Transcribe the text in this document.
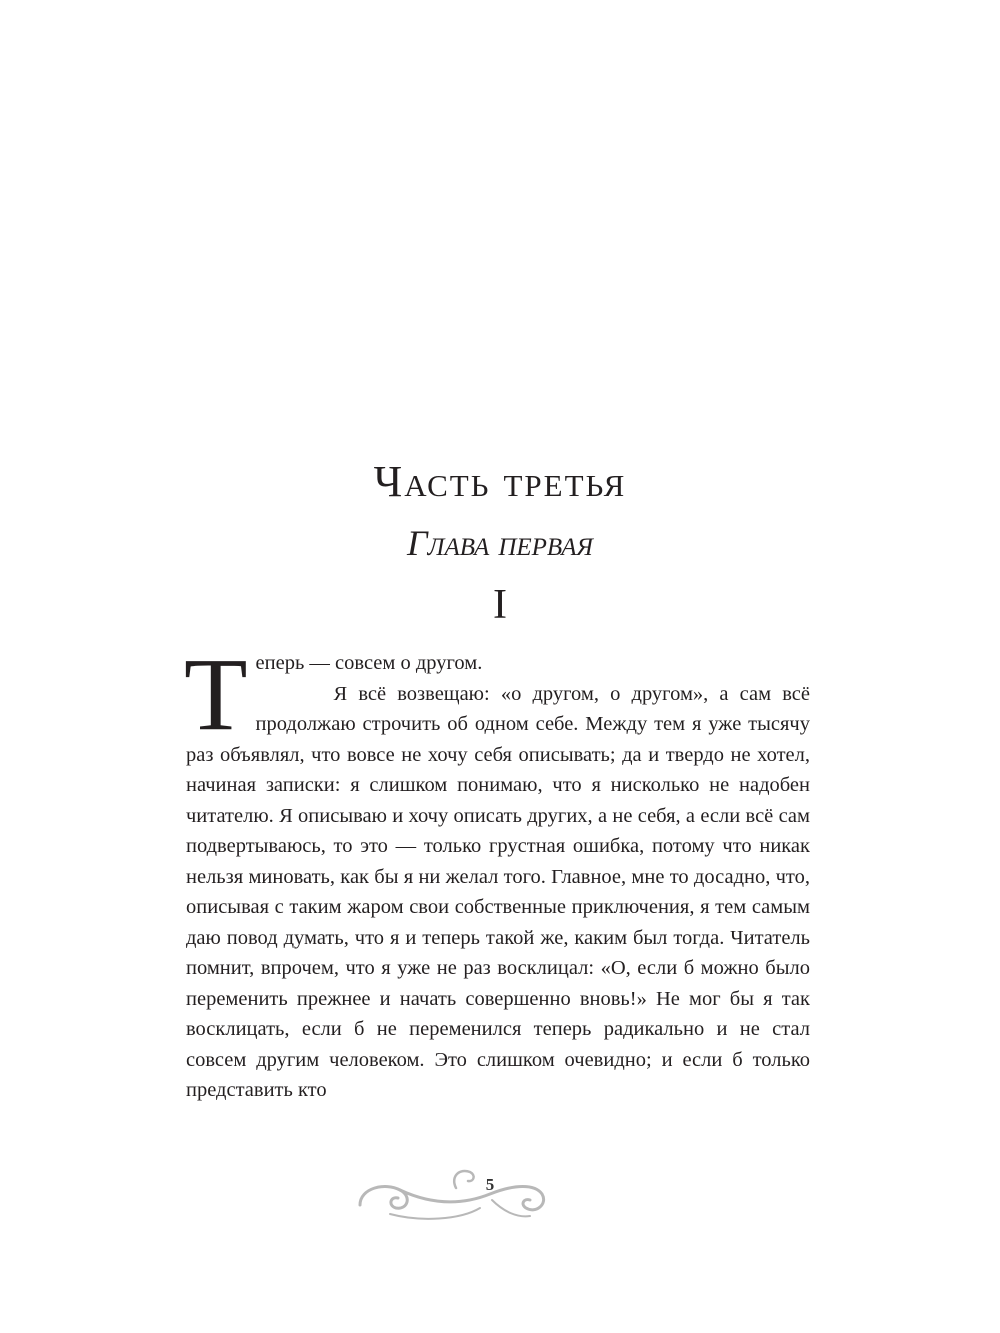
Часть третья
Глава первая
I

Теперь — совсем о другом.

Я всё возвещаю: «о другом, о другом», а сам всё продолжаю строчить об одном себе. Между тем я уже тысячу раз объявлял, что вовсе не хочу себя описывать; да и твердо не хотел, начиная записки: я слишком понимаю, что я нисколько не надобен читателю. Я описываю и хочу описать других, а не себя, а если всё сам подвертываюсь, то это — только грустная ошибка, потому что никак нельзя миновать, как бы я ни желал того. Главное, мне то досадно, что, описывая с таким жаром свои собственные приключения, я тем самым даю повод думать, что я и теперь такой же, каким был тогда. Читатель помнит, впрочем, что я уже не раз восклицал: «О, если б можно было переменить прежнее и начать совершенно вновь!» Не мог бы я так восклицать, если б не переменился теперь радикально и не стал совсем другим человеком. Это слишком очевидно; и если б только представить кто

5
